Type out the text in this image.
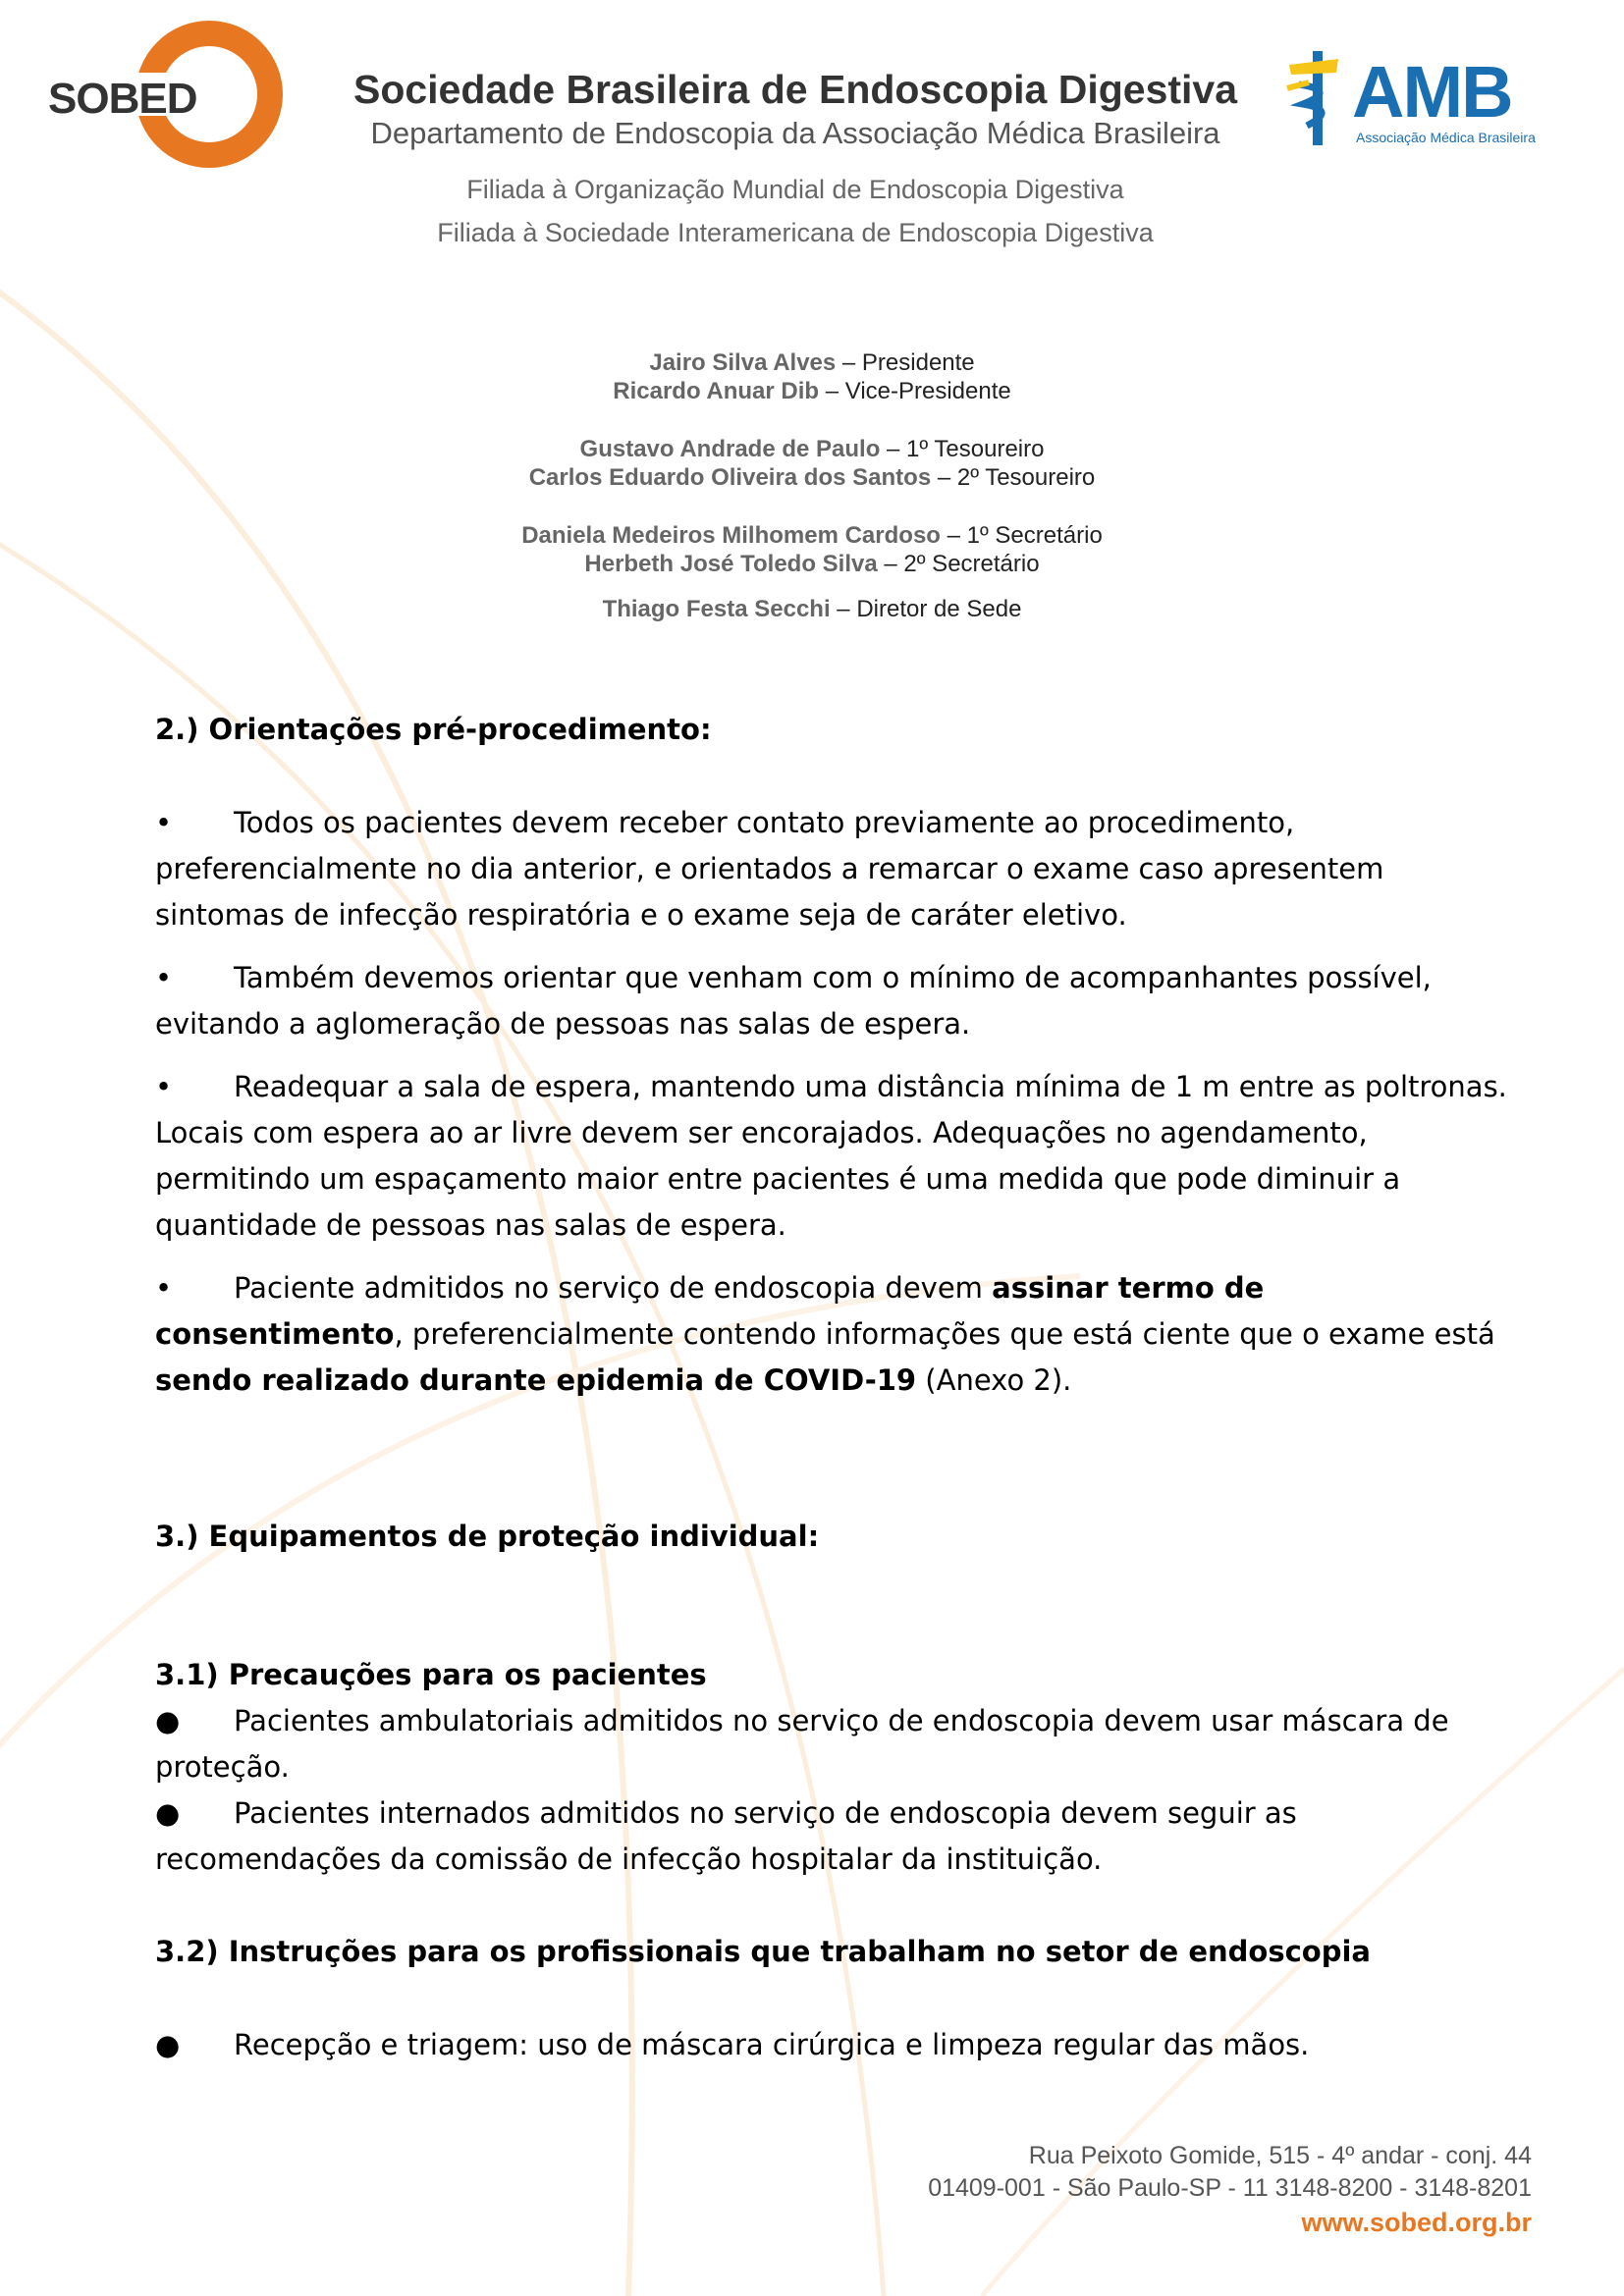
SOBED	Sociedade Brasileira de Endoscopia Digestiva
Departamento de Endoscopia da Associação Médica Brasileira
Filiada à Organização Mundial de Endoscopia Digestiva
Filiada à Sociedade Interamericana de Endoscopia Digestiva
AMB
Associação Médica Brasileira
Jairo Silva Alves – Presidente
Ricardo Anuar Dib – Vice-Presidente
Gustavo Andrade de Paulo – 1º Tesoureiro
Carlos Eduardo Oliveira dos Santos – 2º Tesoureiro
Daniela Medeiros Milhomem Cardoso – 1º Secretário
Herbeth José Toledo Silva – 2º Secretário
Thiago Festa Secchi – Diretor de Sede
2.) Orientações pré-procedimento:
• Todos os pacientes devem receber contato previamente ao procedimento, preferencialmente no dia anterior, e orientados a remarcar o exame caso apresentem sintomas de infecção respiratória e o exame seja de caráter eletivo.
• Também devemos orientar que venham com o mínimo de acompanhantes possível, evitando a aglomeração de pessoas nas salas de espera.
• Readequar a sala de espera, mantendo uma distância mínima de 1 m entre as poltronas. Locais com espera ao ar livre devem ser encorajados. Adequações no agendamento, permitindo um espaçamento maior entre pacientes é uma medida que pode diminuir a quantidade de pessoas nas salas de espera.
• Paciente admitidos no serviço de endoscopia devem assinar termo de consentimento, preferencialmente contendo informações que está ciente que o exame está sendo realizado durante epidemia de COVID-19 (Anexo 2).
3.) Equipamentos de proteção individual:
3.1) Precauções para os pacientes
● Pacientes ambulatoriais admitidos no serviço de endoscopia devem usar máscara de proteção.
● Pacientes internados admitidos no serviço de endoscopia devem seguir as recomendações da comissão de infecção hospitalar da instituição.
3.2) Instruções para os profissionais que trabalham no setor de endoscopia
● Recepção e triagem: uso de máscara cirúrgica e limpeza regular das mãos.
Rua Peixoto Gomide, 515 - 4º andar - conj. 44
01409-001 - São Paulo-SP - 11 3148-8200 - 3148-8201
www.sobed.org.br
